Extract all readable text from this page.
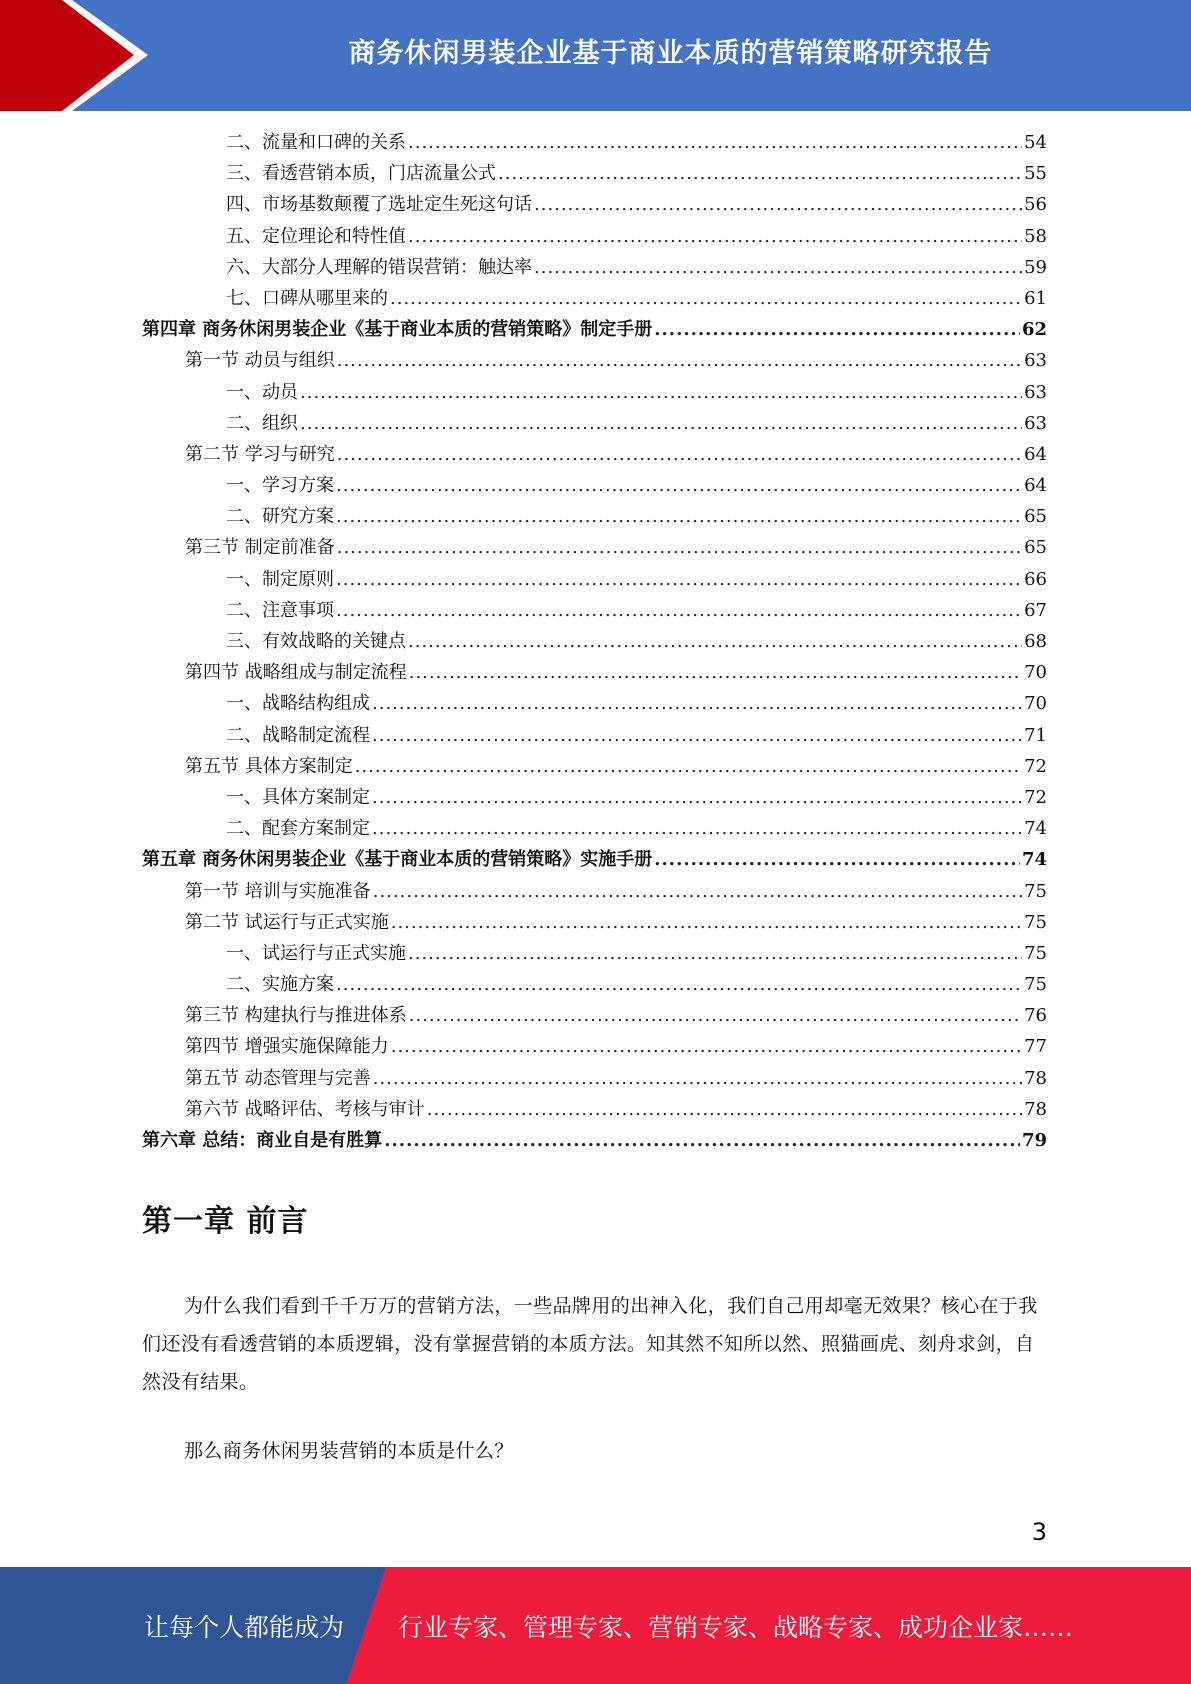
商务休闲男装企业基于商业本质的营销策略研究报告
二、流量和口碑的关系 .....	54
三、看透营销本质，门店流量公式 .....	55
四、市场基数颠覆了选址定生死这句话 .....	56
五、定位理论和特性值 .....	58
六、大部分人理解的错误营销：触达率 .....	59
七、口碑从哪里来的 .....	61
第四章 商务休闲男装企业《基于商业本质的营销策略》制定手册 .....	62
第一节 动员与组织 .....	63
一、动员 .....	63
二、组织 .....	63
第二节 学习与研究 .....	64
一、学习方案 .....	64
二、研究方案 .....	65
第三节 制定前准备 .....	65
一、制定原则 .....	66
二、注意事项 .....	67
三、有效战略的关键点 .....	68
第四节 战略组成与制定流程 .....	70
一、战略结构组成 .....	70
二、战略制定流程 .....	71
第五节 具体方案制定 .....	72
一、具体方案制定 .....	72
二、配套方案制定 .....	74
第五章 商务休闲男装企业《基于商业本质的营销策略》实施手册 .....	74
第一节 培训与实施准备 .....	75
第二节 试运行与正式实施 .....	75
一、试运行与正式实施 .....	75
二、实施方案 .....	75
第三节 构建执行与推进体系 .....	76
第四节 增强实施保障能力 .....	77
第五节 动态管理与完善 .....	78
第六节 战略评估、考核与审计 .....	78
第六章 总结：商业自是有胜算 .....	79
第一章 前言

为什么我们看到千千万万的营销方法，一些品牌用的出神入化，我们自己用却毫无效果？核心在于我们还没有看透营销的本质逻辑，没有掌握营销的本质方法。知其然不知所以然、照猫画虎、刻舟求剑，自然没有结果。

那么商务休闲男装营销的本质是什么？

3
让每个人都能成为 行业专家、管理专家、营销专家、战略专家、成功企业家……
